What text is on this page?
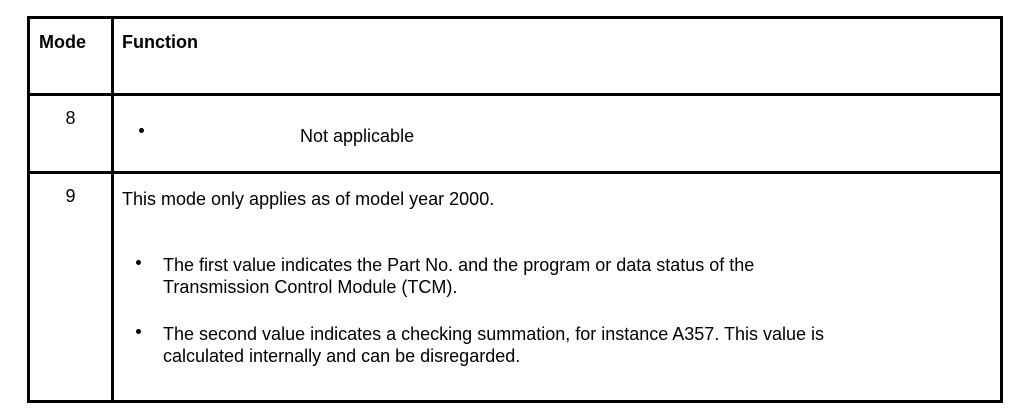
Mode Function
8
Not applicable
9	This mode only applies as of model year 2000.
The first value indicates the Part No. and the program or data status of the
Transmission Control Module (TCM).
The second value indicates a checking summation, for instance A357. This value is
calculated internally and can be disregarded.
